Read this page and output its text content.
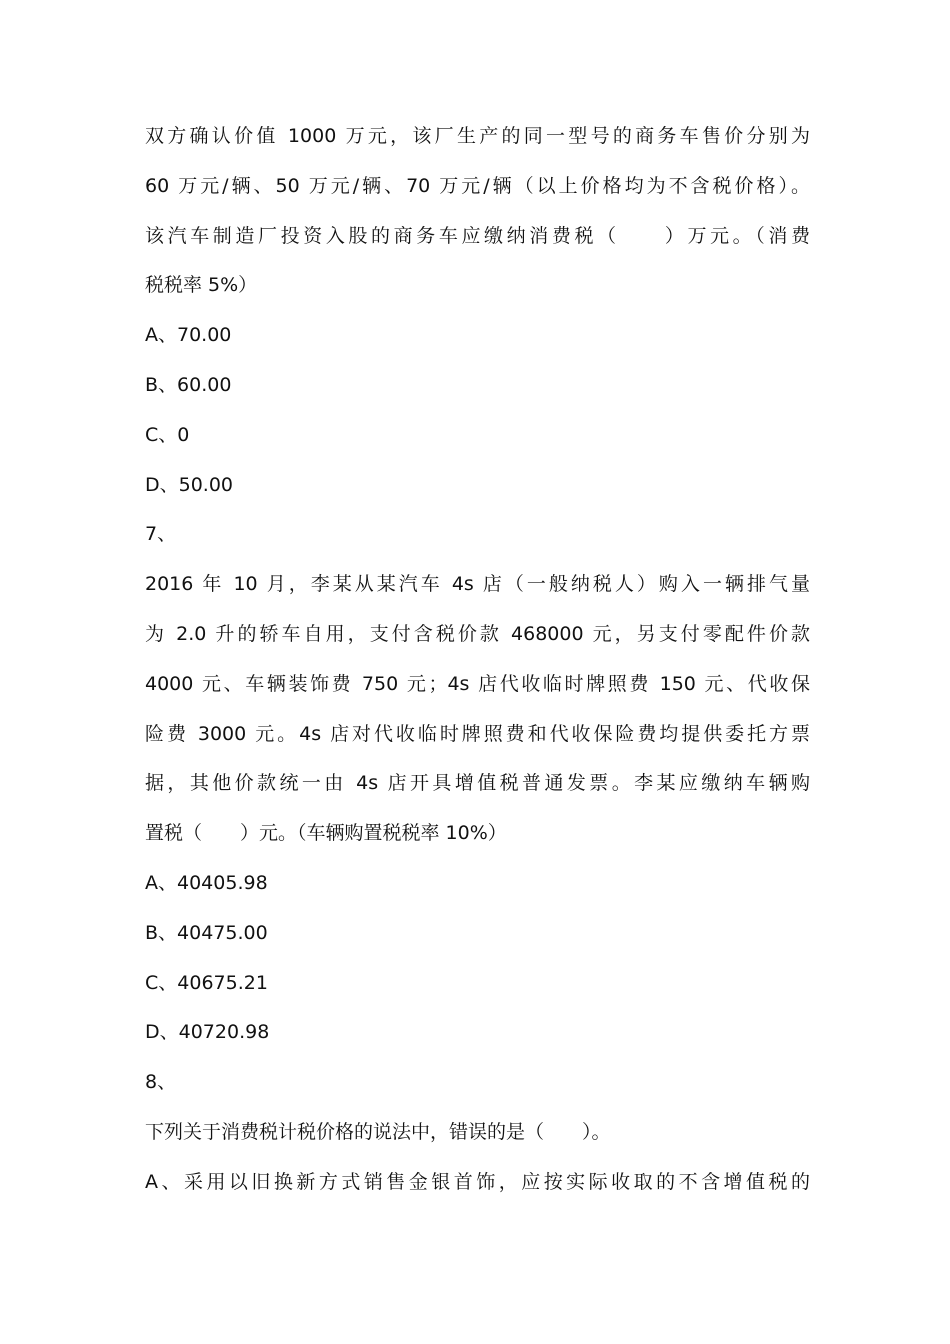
双方确认价值 1000 万元，该厂生产的同一型号的商务车售价分别为
60 万元/辆、50 万元/辆、70 万元/辆（以上价格均为不含税价格）。
该汽车制造厂投资入股的商务车应缴纳消费税（　　）万元。（消费
税税率 5%）
A、70.00
B、60.00
C、0
D、50.00
7、
2016 年 10 月，李某从某汽车 4s 店（一般纳税人）购入一辆排气量
为 2.0 升的轿车自用，支付含税价款 468000 元，另支付零配件价款
4000 元、车辆装饰费 750 元；4s 店代收临时牌照费 150 元、代收保
险费 3000 元。4s 店对代收临时牌照费和代收保险费均提供委托方票
据，其他价款统一由 4s 店开具增值税普通发票。李某应缴纳车辆购
置税（　　）元。（车辆购置税税率 10%）
A、40405.98
B、40475.00
C、40675.21
D、40720.98
8、
下列关于消费税计税价格的说法中，错误的是（　　）。
A、采用以旧换新方式销售金银首饰，应按实际收取的不含增值税的
